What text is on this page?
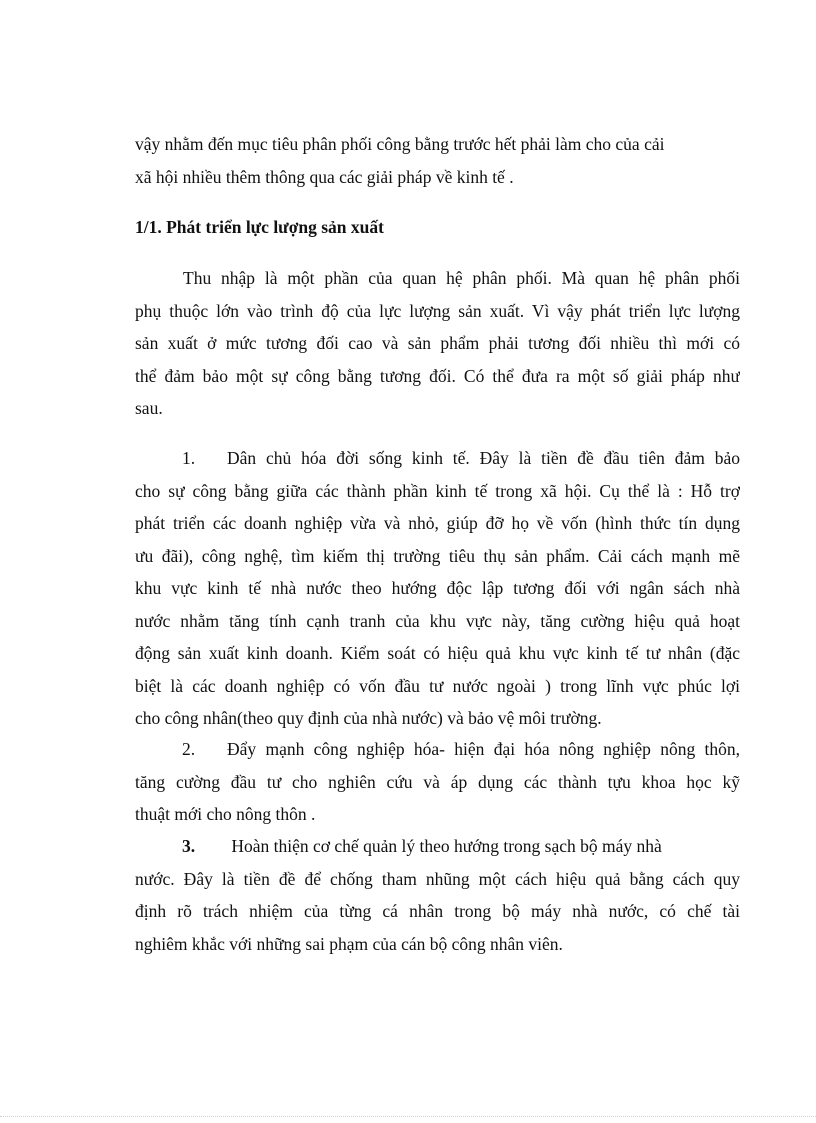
vậy nhằm đến mục tiêu phân phối công bằng trước hết phải làm cho của cải
xã hội nhiều thêm thông qua các giải pháp về kinh tế .
1/1. Phát triển lực lượng sản xuất
Thu nhập là một phần của quan hệ phân phối. Mà quan hệ phân phối
phụ thuộc lớn vào trình độ của lực lượng sản xuất. Vì vậy phát triển lực lượng
sản xuất ở mức tương đối cao và sản phẩm phải tương đối nhiều thì mới có
thể đảm bảo một sự công bằng tương đối. Có thể đưa ra một số giải pháp như
sau.
1. Dân chủ hóa đời sống kinh tế. Đây là tiền đề đầu tiên đảm bảo
cho sự công bằng giữa các thành phần kinh tế trong xã hội. Cụ thể là : Hỗ trợ
phát triển các doanh nghiệp vừa và nhỏ, giúp đỡ họ về vốn (hình thức tín dụng
ưu đãi), công nghệ, tìm kiếm thị trường tiêu thụ sản phẩm. Cải cách mạnh mẽ
khu vực kinh tế nhà nước theo hướng độc lập tương đối với ngân sách nhà
nước nhằm tăng tính cạnh tranh của khu vực này, tăng cường hiệu quả hoạt
động sản xuất kinh doanh. Kiểm soát có hiệu quả khu vực kinh tế tư nhân (đặc
biệt là các doanh nghiệp có vốn đầu tư nước ngoài ) trong lĩnh vực phúc lợi
cho công nhân(theo quy định của nhà nước) và bảo vệ môi trường.
2. Đẩy mạnh công nghiệp hóa- hiện đại hóa nông nghiệp nông thôn,
tăng cường đầu tư cho nghiên cứu và áp dụng các thành tựu khoa học kỹ
thuật mới cho nông thôn .
3. Hoàn thiện cơ chế quản lý theo hướng trong sạch bộ máy nhà
nước. Đây là tiền đề để chống tham nhũng một cách hiệu quả bằng cách quy
định rõ trách nhiệm của từng cá nhân trong bộ máy nhà nước, có chế tài
nghiêm khắc với những sai phạm của cán bộ công nhân viên.
